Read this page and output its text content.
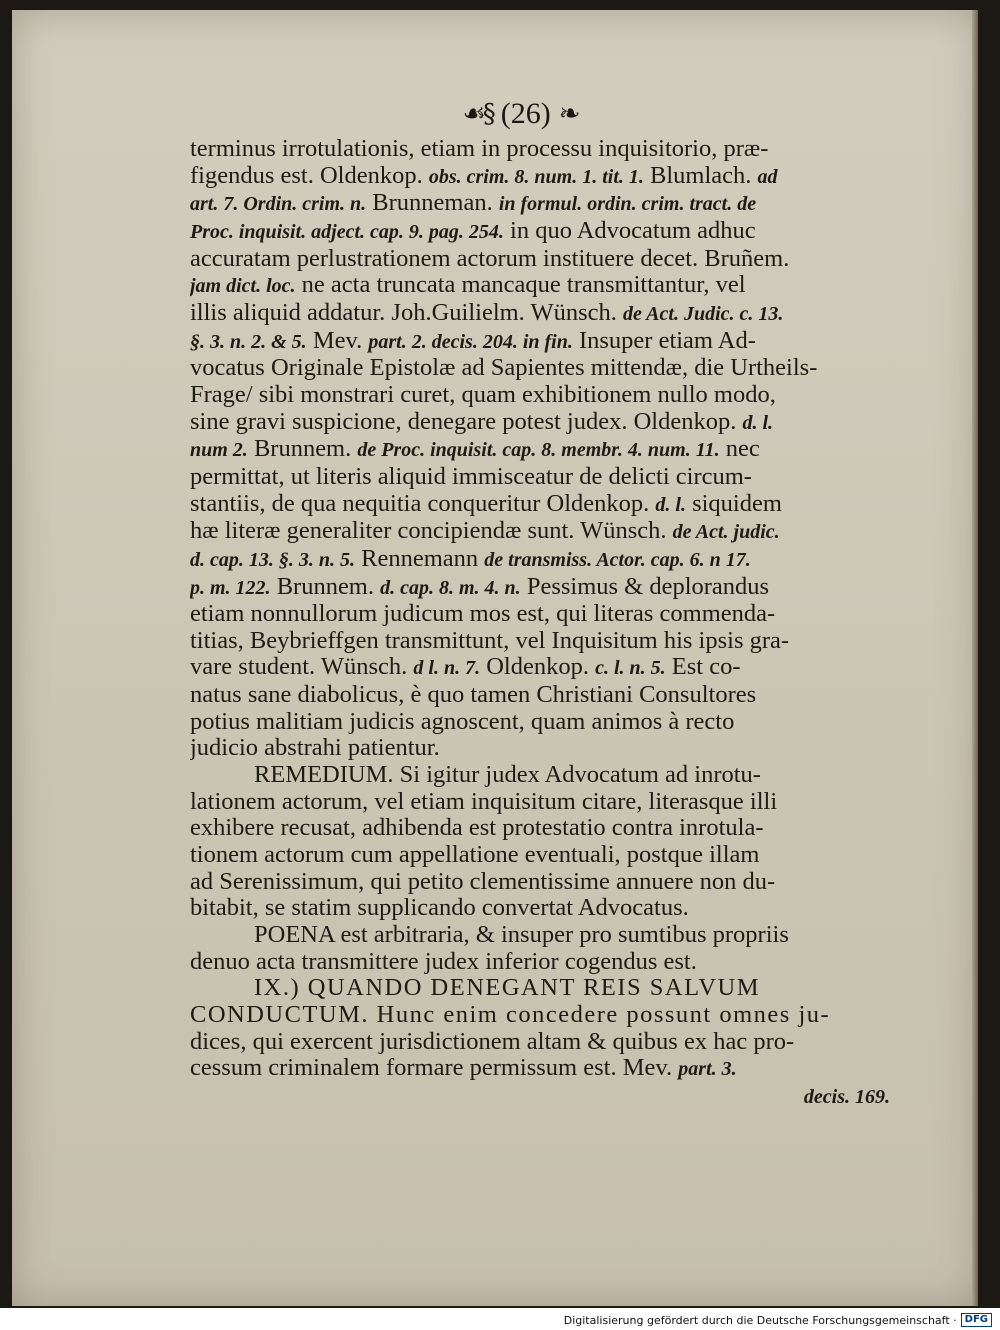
☙§ (26) ❧
terminus irrotulationis, etiam in processu inquisitorio, præ-
figendus est. Oldenkop. obs. crim. 8. num. 1. tit. 1. Blumlach. ad
art. 7. Ordin. crim. n. Brunneman. in formul. ordin. crim. tract. de
Proc. inquisit. adject. cap. 9. pag. 254. in quo Advocatum adhuc
accuratam perlustrationem actorum instituere decet. Bruñem.
jam dict. loc. ne acta truncata mancaque transmittantur, vel
illis aliquid addatur. Joh.Guilielm. Wünsch. de Act. Judic. c. 13.
§. 3. n. 2. & 5. Mev. part. 2. decis. 204. in fin. Insuper etiam Ad-
vocatus Originale Epistolæ ad Sapientes mittendæ, die Urtheils-
Frage/ sibi monstrari curet, quam exhibitionem nullo modo,
sine gravi suspicione, denegare potest judex. Oldenkop. d. l.
num 2. Brunnem. de Proc. inquisit. cap. 8. membr. 4. num. 11. nec
permittat, ut literis aliquid immisceatur de delicti circum-
stantiis, de qua nequitia conqueritur Oldenkop. d. l. siquidem
hæ literæ generaliter concipiendæ sunt. Wünsch. de Act. judic.
d. cap. 13. §. 3. n. 5. Rennemann de transmiss. Actor. cap. 6. n 17.
p. m. 122. Brunnem. d. cap. 8. m. 4. n. Pessimus & deplorandus
etiam nonnullorum judicum mos est, qui literas commenda-
titias, Beybrieffgen transmittunt, vel Inquisitum his ipsis gra-
vare student. Wünsch. d l. n. 7. Oldenkop. c. l. n. 5. Est co-
natus sane diabolicus, è quo tamen Christiani Consultores
potius malitiam judicis agnoscent, quam animos à recto
judicio abstrahi patientur.
REMEDIUM. Si igitur judex Advocatum ad inrotu-
lationem actorum, vel etiam inquisitum citare, literasque illi
exhibere recusat, adhibenda est protestatio contra inrotula-
tionem actorum cum appellatione eventuali, postque illam
ad Serenissimum, qui petito clementissime annuere non du-
bitabit, se statim supplicando convertat Advocatus.
POENA est arbitraria, & insuper pro sumtibus propriis
denuo acta transmittere judex inferior cogendus est.
IX.) QUANDO DENEGANT REIS SALVUM
CONDUCTUM. Hunc enim concedere possunt omnes ju-
dices, qui exercent jurisdictionem altam & quibus ex hac pro-
cessum criminalem formare permissum est. Mev. part. 3.
decis. 169.
Digitalisierung gefördert durch die Deutsche Forschungsgemeinschaft · DFG
